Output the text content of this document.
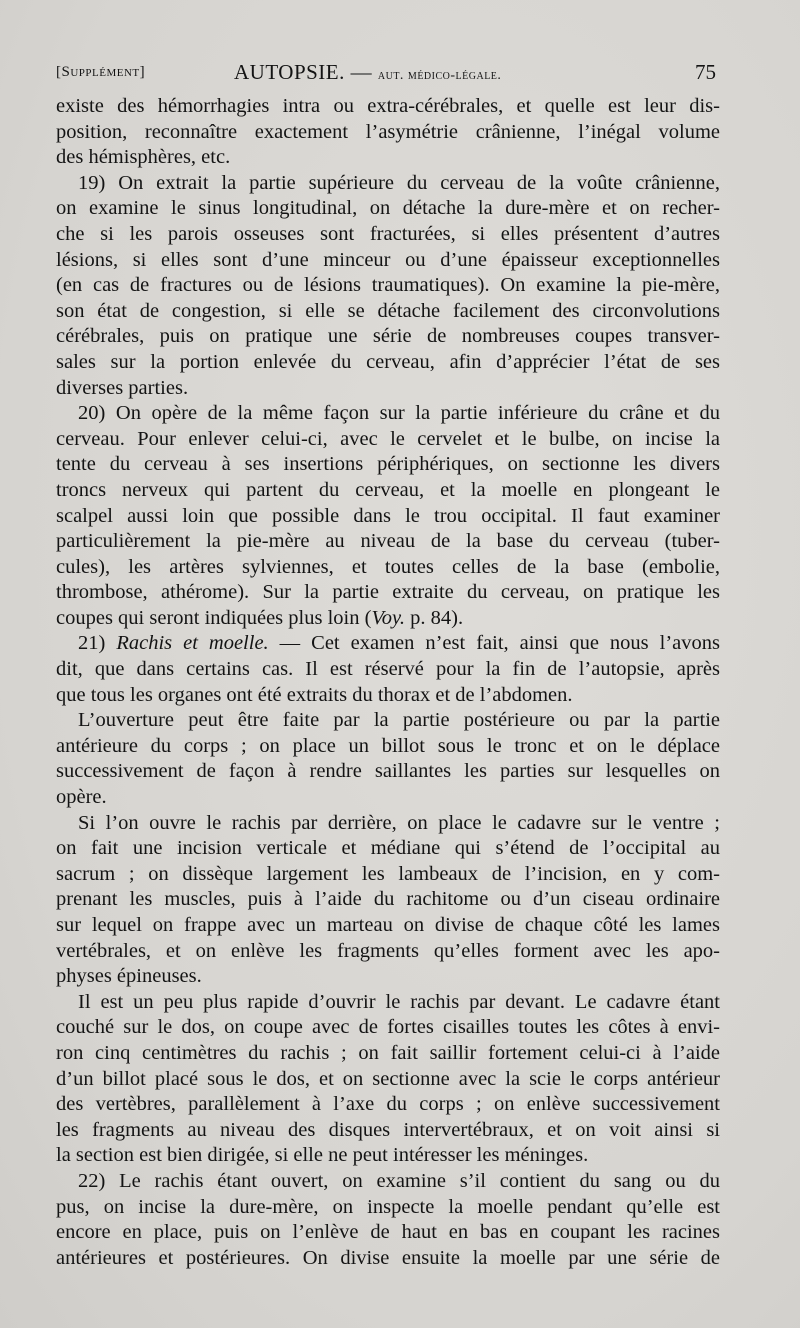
[Supplément]	AUTOPSIE. — aut. médico-légale.	75
existe des hémorrhagies intra ou extra-cérébrales, et quelle est leur dis-
position, reconnaître exactement l’asymétrie crânienne, l’inégal volume
des hémisphères, etc.
19) On extrait la partie supérieure du cerveau de la voûte crânienne,
on examine le sinus longitudinal, on détache la dure-mère et on recher-
che si les parois osseuses sont fracturées, si elles présentent d’autres
lésions, si elles sont d’une minceur ou d’une épaisseur exceptionnelles
(en cas de fractures ou de lésions traumatiques). On examine la pie-mère,
son état de congestion, si elle se détache facilement des circonvolutions
cérébrales, puis on pratique une série de nombreuses coupes transver-
sales sur la portion enlevée du cerveau, afin d’apprécier l’état de ses
diverses parties.
20) On opère de la même façon sur la partie inférieure du crâne et du
cerveau. Pour enlever celui-ci, avec le cervelet et le bulbe, on incise la
tente du cerveau à ses insertions périphériques, on sectionne les divers
troncs nerveux qui partent du cerveau, et la moelle en plongeant le
scalpel aussi loin que possible dans le trou occipital. Il faut examiner
particulièrement la pie-mère au niveau de la base du cerveau (tuber-
cules), les artères sylviennes, et toutes celles de la base (embolie,
thrombose, athérome). Sur la partie extraite du cerveau, on pratique les
coupes qui seront indiquées plus loin (Voy. p. 84).
21) Rachis et moelle. — Cet examen n’est fait, ainsi que nous l’avons
dit, que dans certains cas. Il est réservé pour la fin de l’autopsie, après
que tous les organes ont été extraits du thorax et de l’abdomen.
L’ouverture peut être faite par la partie postérieure ou par la partie
antérieure du corps ; on place un billot sous le tronc et on le déplace
successivement de façon à rendre saillantes les parties sur lesquelles on
opère.
Si l’on ouvre le rachis par derrière, on place le cadavre sur le ventre ;
on fait une incision verticale et médiane qui s’étend de l’occipital au
sacrum ; on dissèque largement les lambeaux de l’incision, en y com-
prenant les muscles, puis à l’aide du rachitome ou d’un ciseau ordinaire
sur lequel on frappe avec un marteau on divise de chaque côté les lames
vertébrales, et on enlève les fragments qu’elles forment avec les apo-
physes épineuses.
Il est un peu plus rapide d’ouvrir le rachis par devant. Le cadavre étant
couché sur le dos, on coupe avec de fortes cisailles toutes les côtes à envi-
ron cinq centimètres du rachis ; on fait saillir fortement celui-ci à l’aide
d’un billot placé sous le dos, et on sectionne avec la scie le corps antérieur
des vertèbres, parallèlement à l’axe du corps ; on enlève successivement
les fragments au niveau des disques intervertébraux, et on voit ainsi si
la section est bien dirigée, si elle ne peut intéresser les méninges.
22) Le rachis étant ouvert, on examine s’il contient du sang ou du
pus, on incise la dure-mère, on inspecte la moelle pendant qu’elle est
encore en place, puis on l’enlève de haut en bas en coupant les racines
antérieures et postérieures. On divise ensuite la moelle par une série de
